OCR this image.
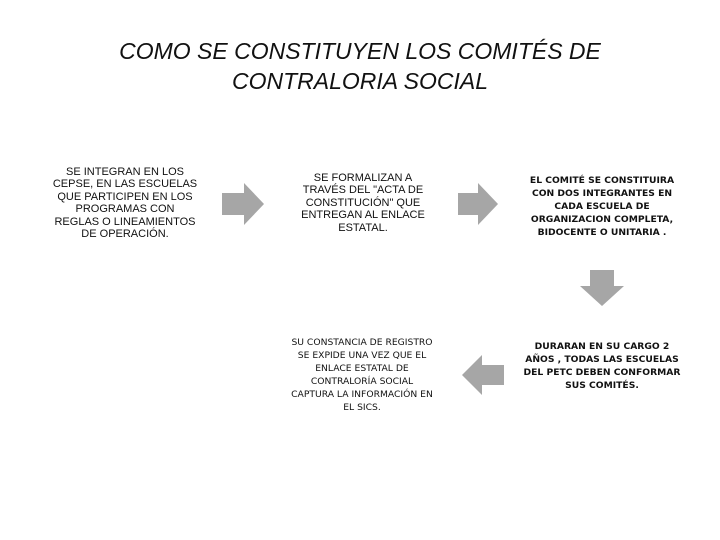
COMO SE CONSTITUYEN LOS COMITÉS DE
CONTRALORIA SOCIAL
SE INTEGRAN EN LOS
CEPSE, EN LAS ESCUELAS
QUE PARTICIPEN EN LOS
PROGRAMAS CON
REGLAS O LINEAMIENTOS
DE OPERACIÓN.
SE FORMALIZAN A
TRAVÉS DEL "ACTA DE
CONSTITUCIÓN" QUE
ENTREGAN AL ENLACE
ESTATAL.
EL COMITÉ SE CONSTITUIRA
CON DOS INTEGRANTES EN
CADA ESCUELA DE
ORGANIZACION COMPLETA,
BIDOCENTE O UNITARIA .
DURARAN EN SU CARGO 2
AÑOS , TODAS LAS ESCUELAS
DEL PETC DEBEN CONFORMAR
SUS COMITÉS.
SU CONSTANCIA DE REGISTRO
SE EXPIDE UNA VEZ QUE EL
ENLACE ESTATAL DE
CONTRALORÍA SOCIAL
CAPTURA LA INFORMACIÓN EN
EL SICS.
